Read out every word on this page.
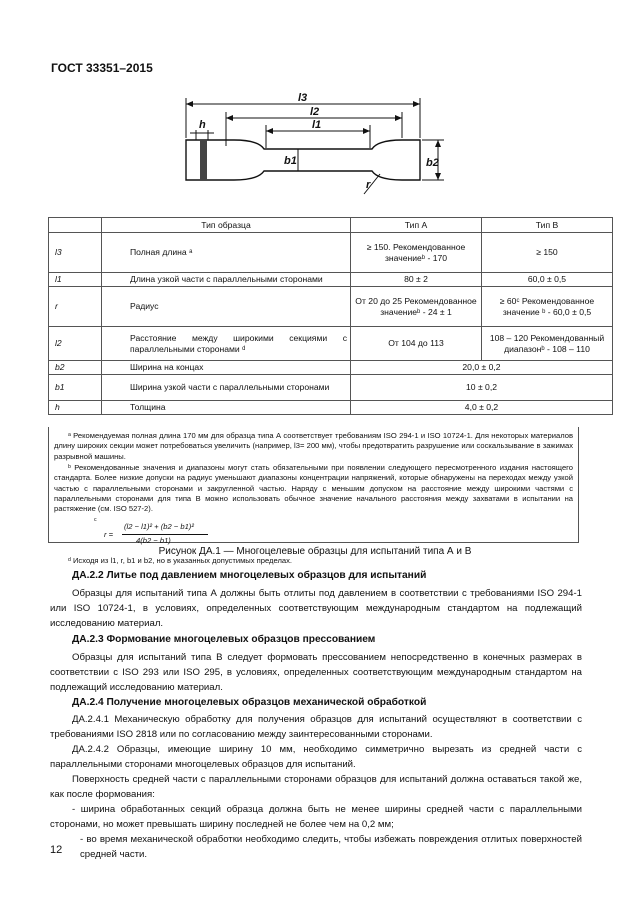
ГОСТ 33351–2015
l3
l2
l1
h
b2
b1
r
	Тип образца	Тип А	Тип В
l3	Полная длина ᵃ	≥ 150. Рекомендованное значениеᵇ - 170	≥ 150
l1	Длина узкой части с параллельными сторонами	80 ± 2	60,0 ± 0,5
r	Радиус	От 20 до 25 Рекомендованное значениеᵇ - 24 ± 1	≥ 60ᶜ Рекомендованное значение ᵇ - 60,0 ± 0,5
l2	Расстояние между широкими секциями с параллельными сторонами ᵈ	От 104 до 113	108 – 120 Рекомендованный диапазонᵇ - 108 – 110
b2	Ширина на концах	20,0 ± 0,2	
b1	Ширина узкой части с параллельными сторонами	10 ± 0,2	
h	Толщина	4,0 ± 0,2	

ᵃ Рекомендуемая полная длина 170 мм для образца типа А соответствует требованиям ISO 294-1 и ISO 10724-1. Для некоторых материалов длину широких секции может потребоваться увеличить (например, l3= 200 мм), чтобы предотвратить разрушение или соскальзывание в зажимах разрывной машины.

ᵇ Рекомендованные значения и диапазоны могут стать обязательными при появлении следующего пересмотренного издания настоящего стандарта. Более низкие допуски на радиус уменьшают диапазоны концентрации напряжений, которые обнаружены на переходах между узкой частью с параллельными сторонами и закругленной частью. Наряду с меньшим допуском на расстояние между широкими частями с параллельными сторонами для типа В можно использовать обычное значение начального расстояния между захватами в испытании на растяжение (см. ISO 527-2).

ᶜ
r =
(l2 − l1)² + (b2 − b1)²
4(b2 − b1)

ᵈ Исходя из l1, r, b1 и b2, но в указанных допустимых пределах.

Рисунок ДА.1 — Многоцелевые образцы для испытаний типа А и В
ДА.2.2 Литье под давлением многоцелевых образцов для испытаний

Образцы для испытаний типа А должны быть отлиты под давлением в соответствии с требованиями ISO 294-1 или ISO 10724-1, в условиях, определенных соответствующим международным стандартом на подлежащий исследованию материал.

ДА.2.3 Формование многоцелевых образцов прессованием

Образцы для испытаний типа В следует формовать прессованием непосредственно в конечных размерах в соответствии с ISO 293 или ISO 295, в условиях, определенных соответствующим международным стандартом на подлежащий исследованию материал.

ДА.2.4 Получение многоцелевых образцов механической обработкой

ДА.2.4.1 Механическую обработку для получения образцов для испытаний осуществляют в соответствии с требованиями ISO 2818 или по согласованию между заинтересованными сторонами.

ДА.2.4.2 Образцы, имеющие ширину 10 мм, необходимо симметрично вырезать из средней части с параллельными сторонами многоцелевых образцов для испытаний.

Поверхность средней части с параллельными сторонами образцов для испытаний должна оставаться такой же, как после формования:

- ширина обработанных секций образца должна быть не менее ширины средней части с параллельными сторонами, но может превышать ширину последней не более чем на 0,2 мм;

- во время механической обработки необходимо следить, чтобы избежать повреждения отлитых поверхностей средней части.

12
